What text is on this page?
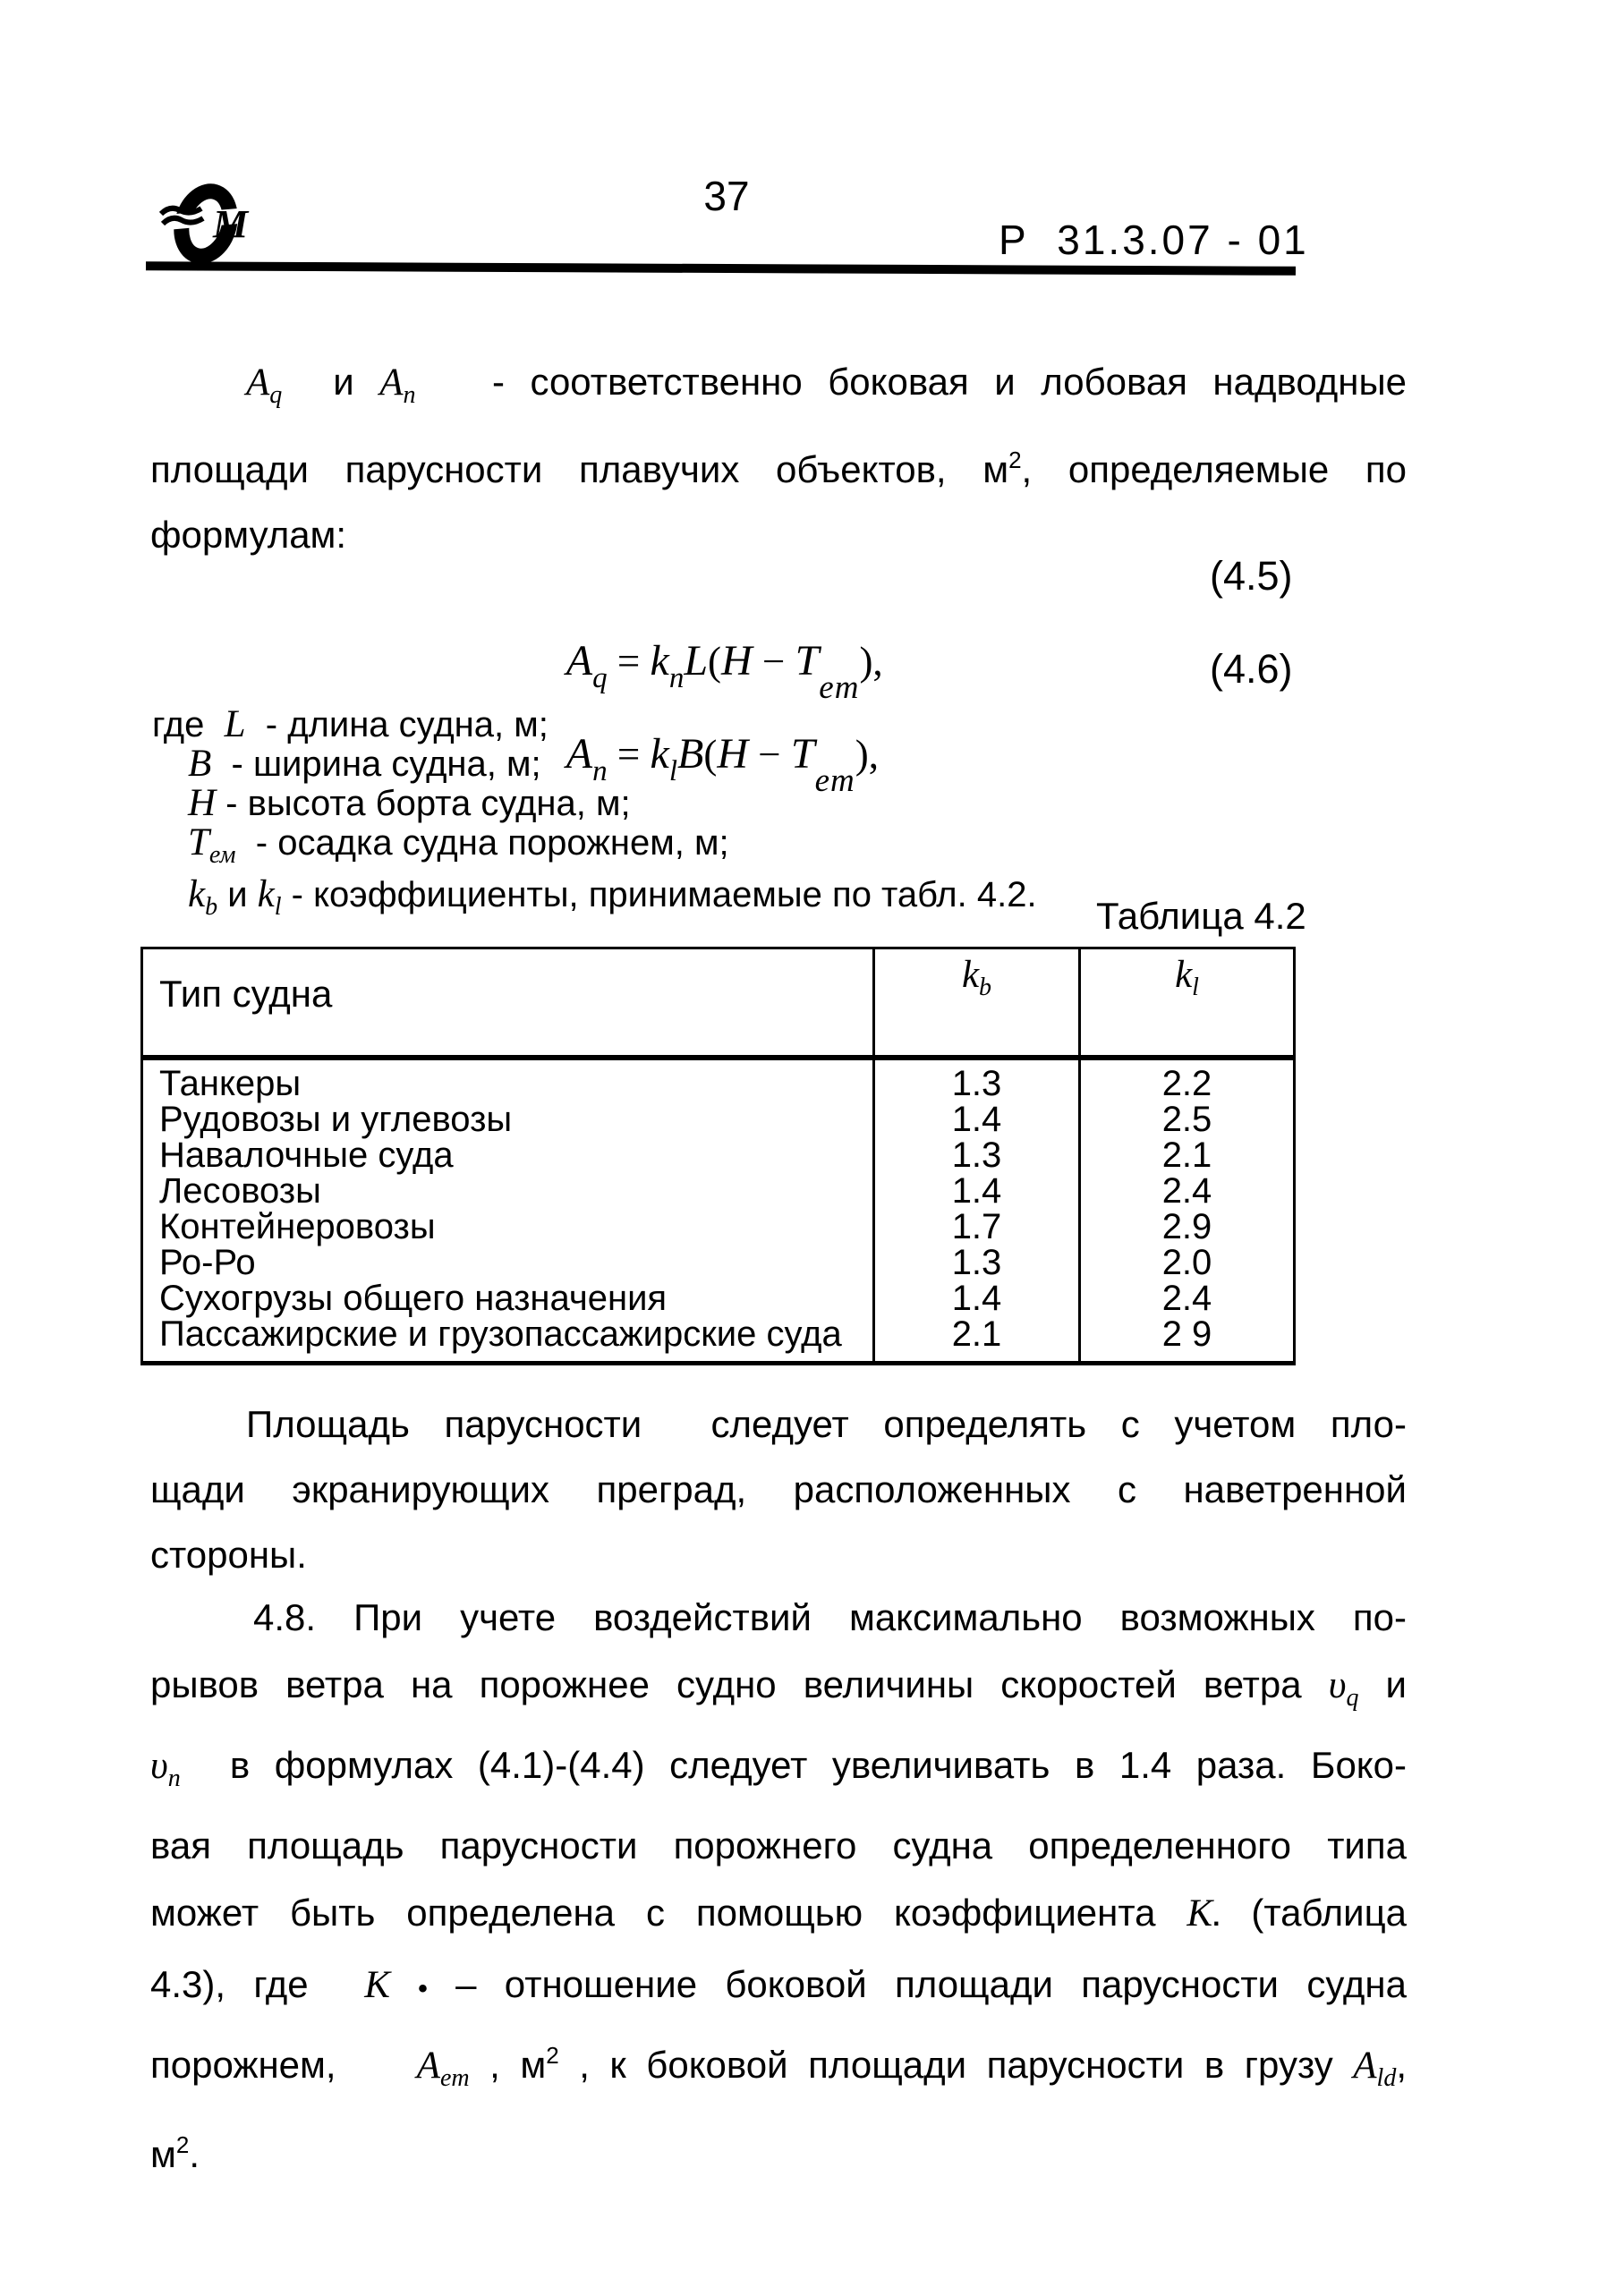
М
37
Р  31.3.07 - 01
$A_q$  и $A_n$   - соответственно боковая и лобовая надводные
площади парусности плавучих объектов, $м^2$, определяемые по
формулам:

Aq = knL(H − Tem),

(4.5)

An = klB(H − Tem),

(4.6)

где  L  - длина судна, м;
B  - ширина судна, м;
H - высота борта судна, м;
$T_{ем}$  - осадка судна порожнем, м;
$k_b$ и $k_l$ - коэффициенты, принимаемые по табл. 4.2.	Таблица 4.2
Тип судна	$k_b$	$k_l$
Танкеры	1.3	2.2
Рудовозы и углевозы	1.4	2.5
Навалочные суда	1.3	2.1
Лесовозы	1.4	2.4
Контейнеровозы	1.7	2.9
Ро-Ро	1.3	2.0
Сухогрузы общего назначения	1.4	2.4
Пассажирские и грузопассажирские суда	2.1	2 9
Площадь парусности  следует определять с учетом пло-
щади экранирующих преград, расположенных с наветренной
стороны.
4.8. При учете воздействий максимально возможных по-
рывов ветра на порожнее судно величины скоростей ветра $\upsilon_q$ и
$\upsilon_n$  в формулах (4.1)-(4.4) следует увеличивать в 1.4 раза. Боко-
вая площадь парусности порожнего судна определенного типа
может быть определена с помощью коэффициента K. (таблица
4.3), где  K • – отношение боковой площади парусности судна
порожнем,    $A_{em}$ , $м^2$ , к боковой площади парусности в грузу $A_{ld}$,
$м^2$.
